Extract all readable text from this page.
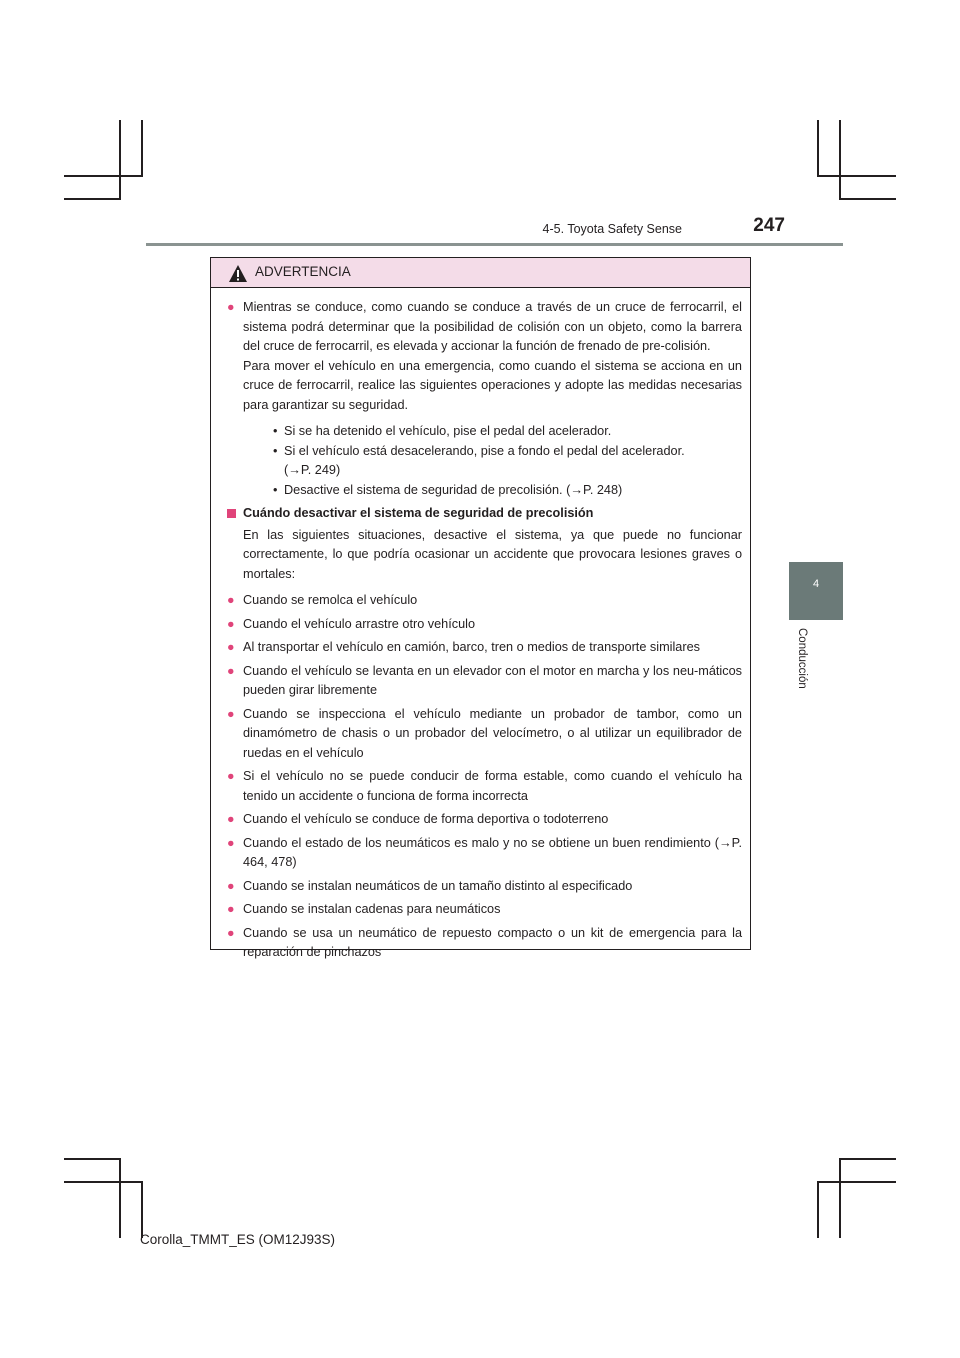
4-5. Toyota Safety Sense	247
4
Conducción
ADVERTENCIA
● Mientras se conduce, como cuando se conduce a través de un cruce de ferrocarril, el sistema podrá determinar que la posibilidad de colisión con un objeto, como la barrera del cruce de ferrocarril, es elevada y accionar la función de frenado de pre-colisión.

Para mover el vehículo en una emergencia, como cuando el sistema se acciona en un cruce de ferrocarril, realice las siguientes operaciones y adopte las medidas necesarias para garantizar su seguridad.

• Si se ha detenido el vehículo, pise el pedal del acelerador.
• Si el vehículo está desacelerando, pise a fondo el pedal del acelerador.
(→P. 249)
• Desactive el sistema de seguridad de precolisión. (→P. 248)
Cuándo desactivar el sistema de seguridad de precolisión
En las siguientes situaciones, desactive el sistema, ya que puede no funcionar correctamente, lo que podría ocasionar un accidente que provocara lesiones graves o mortales:
● Cuando se remolca el vehículo

● Cuando el vehículo arrastre otro vehículo

● Al transportar el vehículo en camión, barco, tren o medios de transporte similares

● Cuando el vehículo se levanta en un elevador con el motor en marcha y los neu-máticos pueden girar libremente

● Cuando se inspecciona el vehículo mediante un probador de tambor, como un dinamómetro de chasis o un probador del velocímetro, o al utilizar un equilibrador de ruedas en el vehículo

● Si el vehículo no se puede conducir de forma estable, como cuando el vehículo ha tenido un accidente o funciona de forma incorrecta

● Cuando el vehículo se conduce de forma deportiva o todoterreno

● Cuando el estado de los neumáticos es malo y no se obtiene un buen rendimiento (→P. 464, 478)

● Cuando se instalan neumáticos de un tamaño distinto al especificado

● Cuando se instalan cadenas para neumáticos

● Cuando se usa un neumático de repuesto compacto o un kit de emergencia para la reparación de pinchazos

Corolla_TMMT_ES (OM12J93S)
